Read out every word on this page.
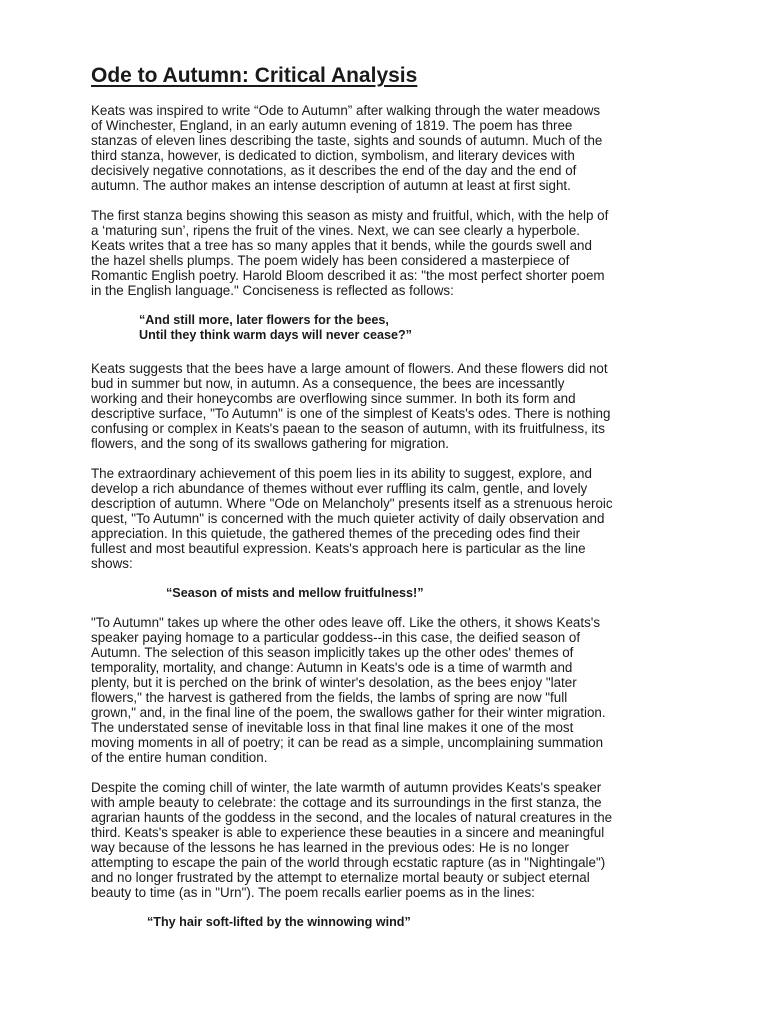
Ode to Autumn: Critical Analysis
Keats was inspired to write “Ode to Autumn” after walking through the water meadows
of Winchester, England, in an early autumn evening of 1819. The poem has three
stanzas of eleven lines describing the taste, sights and sounds of autumn. Much of the
third stanza, however, is dedicated to diction, symbolism, and literary devices with
decisively negative connotations, as it describes the end of the day and the end of
autumn. The author makes an intense description of autumn at least at first sight.
The first stanza begins showing this season as misty and fruitful, which, with the help of
a ‘maturing sun’, ripens the fruit of the vines. Next, we can see clearly a hyperbole.
Keats writes that a tree has so many apples that it bends, while the gourds swell and
the hazel shells plumps. The poem widely has been considered a masterpiece of
Romantic English poetry. Harold Bloom described it as: "the most perfect shorter poem
in the English language." Conciseness is reflected as follows:
“And still more, later flowers for the bees,
Until they think warm days will never cease?”
Keats suggests that the bees have a large amount of flowers. And these flowers did not
bud in summer but now, in autumn. As a consequence, the bees are incessantly
working and their honeycombs are overflowing since summer. In both its form and
descriptive surface, "To Autumn" is one of the simplest of Keats's odes. There is nothing
confusing or complex in Keats's paean to the season of autumn, with its fruitfulness, its
flowers, and the song of its swallows gathering for migration.
The extraordinary achievement of this poem lies in its ability to suggest, explore, and
develop a rich abundance of themes without ever ruffling its calm, gentle, and lovely
description of autumn. Where "Ode on Melancholy" presents itself as a strenuous heroic
quest, "To Autumn" is concerned with the much quieter activity of daily observation and
appreciation. In this quietude, the gathered themes of the preceding odes find their
fullest and most beautiful expression. Keats's approach here is particular as the line
shows:
“Season of mists and mellow fruitfulness!”
"To Autumn" takes up where the other odes leave off. Like the others, it shows Keats's
speaker paying homage to a particular goddess--in this case, the deified season of
Autumn. The selection of this season implicitly takes up the other odes' themes of
temporality, mortality, and change: Autumn in Keats's ode is a time of warmth and
plenty, but it is perched on the brink of winter's desolation, as the bees enjoy "later
flowers," the harvest is gathered from the fields, the lambs of spring are now "full
grown," and, in the final line of the poem, the swallows gather for their winter migration.
The understated sense of inevitable loss in that final line makes it one of the most
moving moments in all of poetry; it can be read as a simple, uncomplaining summation
of the entire human condition.
Despite the coming chill of winter, the late warmth of autumn provides Keats's speaker
with ample beauty to celebrate: the cottage and its surroundings in the first stanza, the
agrarian haunts of the goddess in the second, and the locales of natural creatures in the
third. Keats's speaker is able to experience these beauties in a sincere and meaningful
way because of the lessons he has learned in the previous odes: He is no longer
attempting to escape the pain of the world through ecstatic rapture (as in "Nightingale")
and no longer frustrated by the attempt to eternalize mortal beauty or subject eternal
beauty to time (as in "Urn"). The poem recalls earlier poems as in the lines:
“Thy hair soft-lifted by the winnowing wind”
